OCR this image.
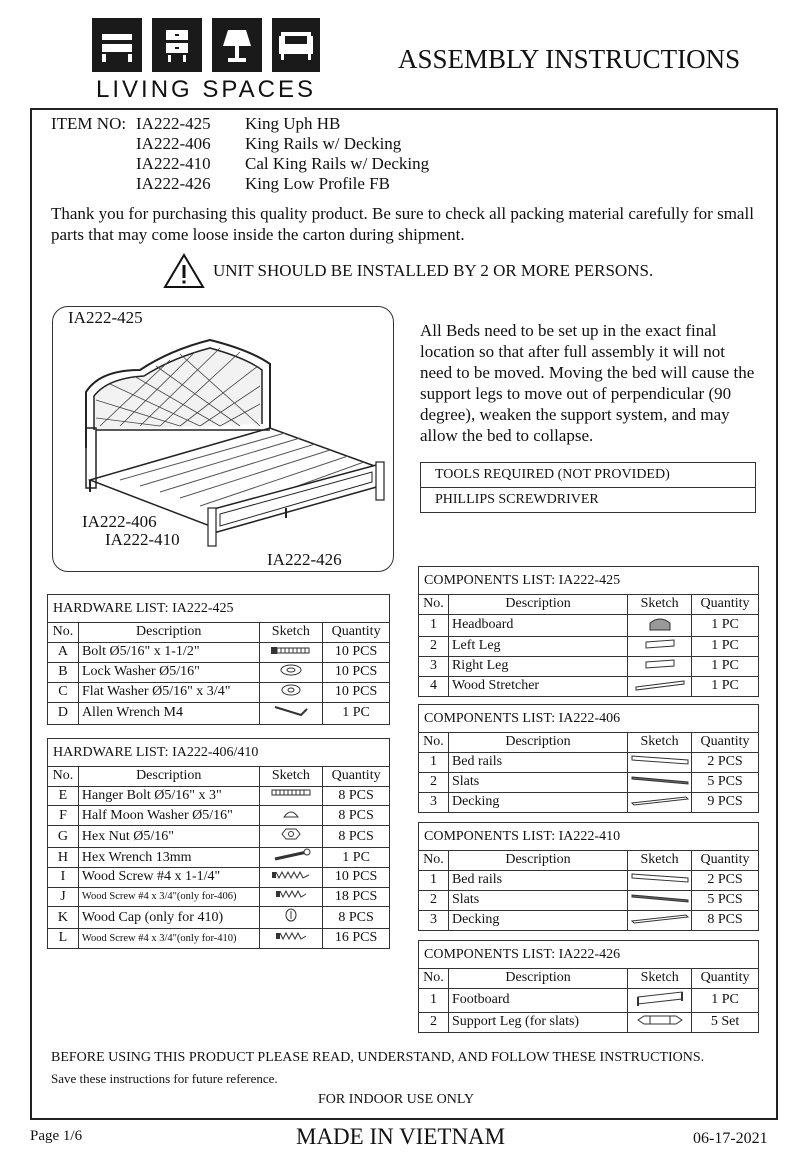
LIVING SPACES
ASSEMBLY INSTRUCTIONS
ITEM NO: IA222-425	King Uph HB
IA222-406	King Rails w/ Decking
IA222-410	Cal King Rails w/ Decking
IA222-426	King Low Profile FB
Thank you for purchasing this quality product. Be sure to check all packing material carefully for small parts that may come loose inside the carton during shipment.
UNIT SHOULD BE INSTALLED BY 2 OR MORE PERSONS.
IA222-425
IA222-406
IA222-410
IA222-426
All Beds need to be set up in the exact final location so that after full assembly it will not need to be moved. Moving the bed will cause the support legs to move out of perpendicular (90 degree), weaken the support system, and may allow the bed to collapse.
TOOLS REQUIRED (NOT PROVIDED)
PHILLIPS SCREWDRIVER
HARDWARE LIST: IA222-425			
No.	Description	Sketch	Quantity
A	Bolt Ø5/16" x 1-1/2"		10 PCS
B	Lock Washer Ø5/16"		10 PCS
C	Flat Washer Ø5/16" x 3/4"		10 PCS
D	Allen Wrench M4		1 PC
HARDWARE LIST: IA222-406/410			
No.	Description	Sketch	Quantity
E	Hanger Bolt Ø5/16" x 3"		8 PCS
F	Half Moon Washer Ø5/16"		8 PCS
G	Hex Nut Ø5/16"		8 PCS
H	Hex Wrench 13mm		1 PC
I	Wood Screw #4 x 1-1/4"		10 PCS
J	Wood Screw #4 x 3/4"(only for-406)		18 PCS
K	Wood Cap (only for 410)		8 PCS
L	Wood Screw #4 x 3/4"(only for-410)		16 PCS
COMPONENTS LIST: IA222-425			
No.	Description	Sketch	Quantity
1	Headboard		1 PC
2	Left Leg		1 PC
3	Right Leg		1 PC
4	Wood Stretcher		1 PC
COMPONENTS LIST: IA222-406			
No.	Description	Sketch	Quantity
1	Bed rails		2 PCS
2	Slats		5 PCS
3	Decking		9 PCS
COMPONENTS LIST: IA222-410			
No.	Description	Sketch	Quantity
1	Bed rails		2 PCS
2	Slats		5 PCS
3	Decking		8 PCS
COMPONENTS LIST: IA222-426			
No.	Description	Sketch	Quantity
1	Footboard		1 PC
2	Support Leg (for slats)		5 Set
BEFORE USING THIS PRODUCT PLEASE READ, UNDERSTAND, AND FOLLOW THESE INSTRUCTIONS.
Save these instructions for future reference.
FOR INDOOR USE ONLY
Page 1/6	MADE IN VIETNAM	06-17-2021
